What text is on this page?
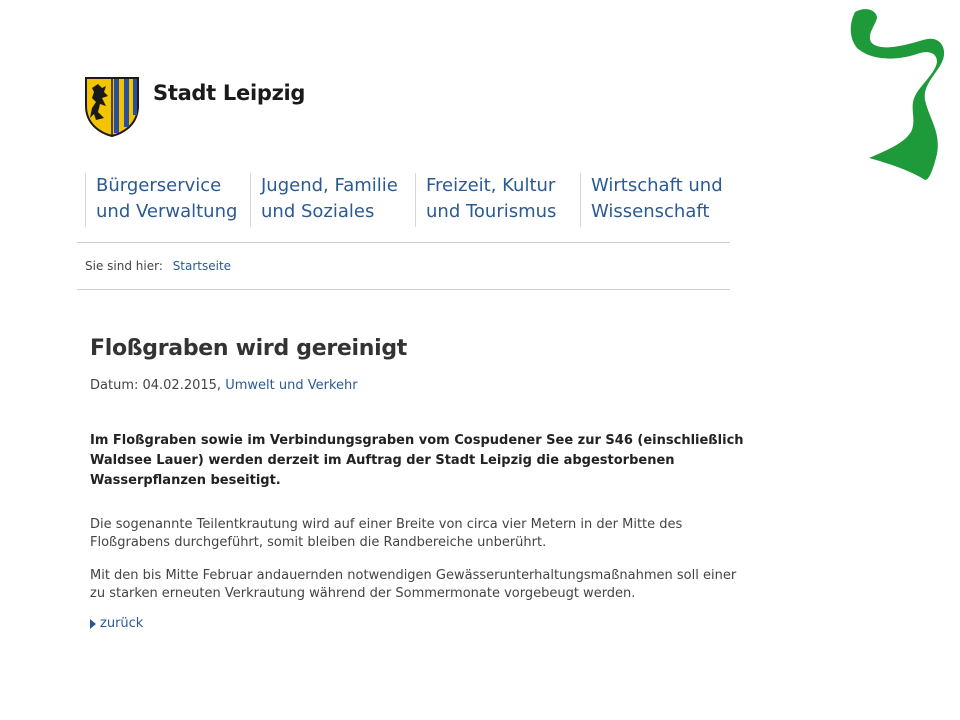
Stadt Leipzig
Bürgerservice
und Verwaltung
Jugend, Familie
und Soziales
Freizeit, Kultur
und Tourismus
Wirtschaft und
Wissenschaft
Sie sind hier: Startseite
Floßgraben wird gereinigt
Datum: 04.02.2015, Umwelt und Verkehr
Im Floßgraben sowie im Verbindungsgraben vom Cospudener See zur S46 (einschließlich
Waldsee Lauer) werden derzeit im Auftrag der Stadt Leipzig die abgestorbenen
Wasserpflanzen beseitigt.
Die sogenannte Teilentkrautung wird auf einer Breite von circa vier Metern in der Mitte des
Floßgrabens durchgeführt, somit bleiben die Randbereiche unberührt.
Mit den bis Mitte Februar andauernden notwendigen Gewässerunterhaltungsmaßnahmen soll einer
zu starken erneuten Verkrautung während der Sommermonate vorgebeugt werden.
zurück
